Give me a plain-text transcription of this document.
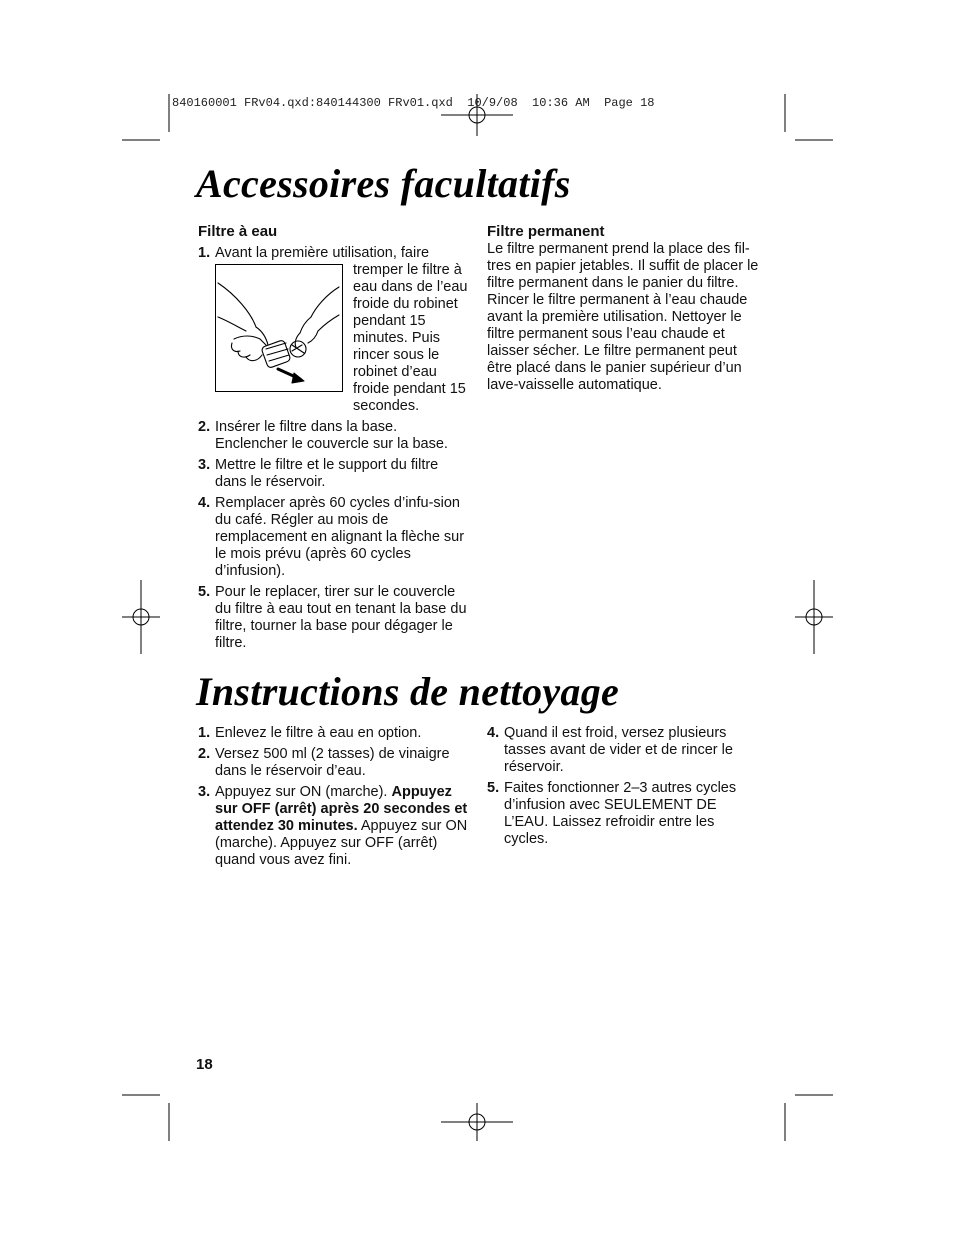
840160001 FRv04.qxd:840144300 FRv01.qxd  10/9/08  10:36 AM  Page 18
Accessoires facultatifs
Filtre à eau
1. Avant la première utilisation, faire
tremper le filtre à eau dans de l’eau froide du robinet pendant 15 minutes. Puis rincer sous le robinet d’eau froide pendant 15 secondes.
2. Insérer le filtre dans la base. Enclencher le couvercle sur la base.
3. Mettre le filtre et le support du filtre dans le réservoir.
4. Remplacer après 60 cycles d’infu-sion du café. Régler au mois de remplacement en alignant la flèche sur le mois prévu (après 60 cycles d’infusion).
5. Pour le replacer, tirer sur le couvercle du filtre à eau tout en tenant la base du filtre, tourner la base pour dégager le filtre.
Filtre permanent

Le filtre permanent prend la place des fil-tres en papier jetables. Il suffit de placer le filtre permanent dans le panier du filtre. Rincer le filtre permanent à l’eau chaude avant la première utilisation. Nettoyer le filtre permanent sous l’eau chaude et laisser sécher. Le filtre permanent peut être placé dans le panier supérieur d’un lave-vaisselle automatique.

Instructions de nettoyage
1. Enlevez le filtre à eau en option.
2. Versez 500 ml (2 tasses) de vinaigre dans le réservoir d’eau.
3. Appuyez sur ON (marche). Appuyez sur OFF (arrêt) après 20 secondes et attendez 30 minutes. Appuyez sur ON (marche). Appuyez sur OFF (arrêt) quand vous avez fini.
4. Quand il est froid, versez plusieurs tasses avant de vider et de rincer le réservoir.
5. Faites fonctionner 2–3 autres cycles d’infusion avec SEULEMENT DE L’EAU. Laissez refroidir entre les cycles.
18
